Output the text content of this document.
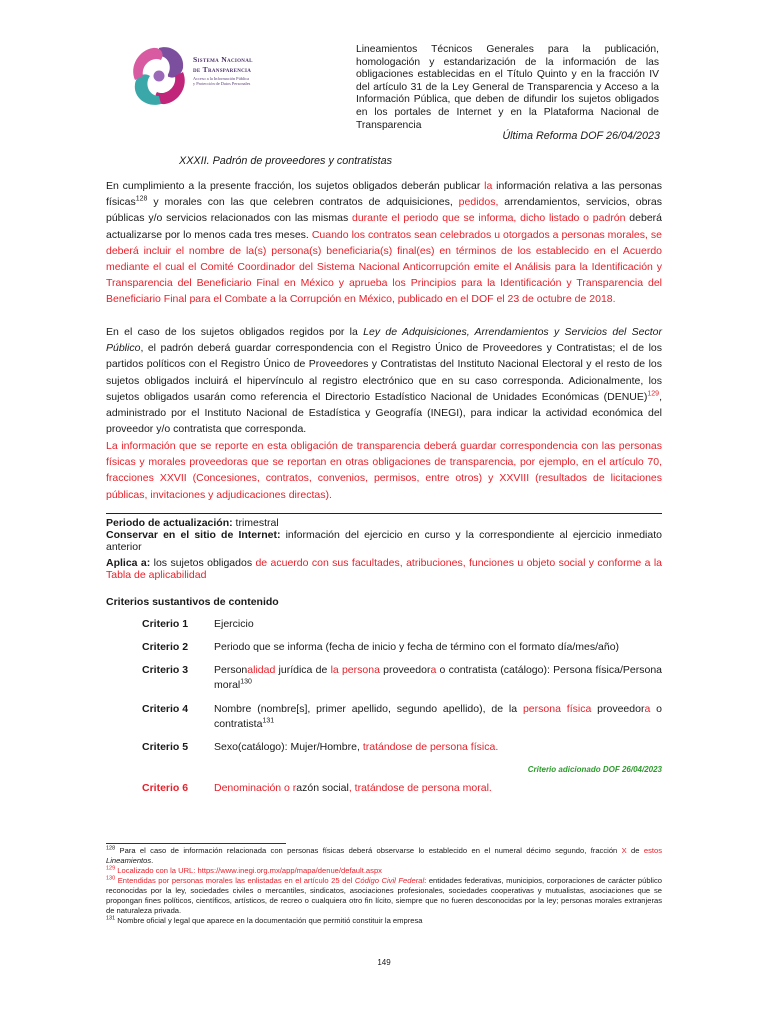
Sistema Nacional
de Transparencia
Acceso a la Información Pública
y Protección de Datos Personales
Lineamientos Técnicos Generales para la publicación, homologación y estandarización de la información de las obligaciones establecidas en el Título Quinto y en la fracción IV del artículo 31 de la Ley General de Transparencia y Acceso a la Información Pública, que deben de difundir los sujetos obligados en los portales de Internet y en la Plataforma Nacional de Transparencia
Última Reforma DOF 26/04/2023
XXXII. Padrón de proveedores y contratistas
En cumplimiento a la presente fracción, los sujetos obligados deberán publicar la información relativa a las personas físicas$^{128}$ y morales con las que celebren contratos de adquisiciones, pedidos, arrendamientos, servicios, obras públicas y/o servicios relacionados con las mismas durante el periodo que se informa, dicho listado o padrón deberá actualizarse por lo menos cada tres meses. Cuando los contratos sean celebrados u otorgados a personas morales, se deberá incluir el nombre de la(s) persona(s) beneficiaria(s) final(es) en términos de los establecido en el Acuerdo mediante el cual el Comité Coordinador del Sistema Nacional Anticorrupción emite el Análisis para la Identificación y Transparencia del Beneficiario Final en México y aprueba los Principios para la Identificación y Transparencia del Beneficiario Final para el Combate a la Corrupción en México, publicado en el DOF el 23 de octubre de 2018.
En el caso de los sujetos obligados regidos por la Ley de Adquisiciones, Arrendamientos y Servicios del Sector Público, el padrón deberá guardar correspondencia con el Registro Único de Proveedores y Contratistas; el de los partidos políticos con el Registro Único de Proveedores y Contratistas del Instituto Nacional Electoral y el resto de los sujetos obligados incluirá el hipervínculo al registro electrónico que en su caso corresponda. Adicionalmente, los sujetos obligados usarán como referencia el Directorio Estadístico Nacional de Unidades Económicas (DENUE)$^{129}$, administrado por el Instituto Nacional de Estadística y Geografía (INEGI), para indicar la actividad económica del proveedor y/o contratista que corresponda.
La información que se reporte en esta obligación de transparencia deberá guardar correspondencia con las personas físicas y morales proveedoras que se reportan en otras obligaciones de transparencia, por ejemplo, en el artículo 70, fracciones XXVII (Concesiones, contratos, convenios, permisos, entre otros) y XXVIII (resultados de licitaciones públicas, invitaciones y adjudicaciones directas).
Periodo de actualización: trimestral
Conservar en el sitio de Internet: información del ejercicio en curso y la correspondiente al ejercicio inmediato anterior
Aplica a: los sujetos obligados de acuerdo con sus facultades, atribuciones, funciones u objeto social y conforme a la Tabla de aplicabilidad
Criterios sustantivos de contenido
Criterio 1 Ejercicio
Criterio 2 Periodo que se informa (fecha de inicio y fecha de término con el formato día/mes/año)
Criterio 3 Personalidad jurídica de la persona proveedora o contratista (catálogo): Persona física/Persona moral$^{130}$
Criterio 4 Nombre (nombre[s], primer apellido, segundo apellido), de la persona física proveedora o contratista$^{131}$
Criterio 5 Sexo(catálogo): Mujer/Hombre, tratándose de persona física.
Criterio adicionado DOF 26/04/2023
Criterio 6 Denominación o razón social, tratándose de persona moral.
$^{128}$ Para el caso de información relacionada con personas físicas deberá observarse lo establecido en el numeral décimo segundo, fracción X de estos Lineamientos.
$^{129}$ Localizado con la URL: https://www.inegi.org.mx/app/mapa/denue/default.aspx
$^{130}$ Entendidas por personas morales las enlistadas en el artículo 25 del Código Civil Federal: entidades federativas, municipios, corporaciones de carácter público reconocidas por la ley, sociedades civiles o mercantiles, sindicatos, asociaciones profesionales, sociedades cooperativas y mutualistas, asociaciones que se propongan fines políticos, científicos, artísticos, de recreo o cualquiera otro fin lícito, siempre que no fueren desconocidas por la ley; personas morales extranjeras de naturaleza privada.
$^{131}$ Nombre oficial y legal que aparece en la documentación que permitió constituir la empresa
149
